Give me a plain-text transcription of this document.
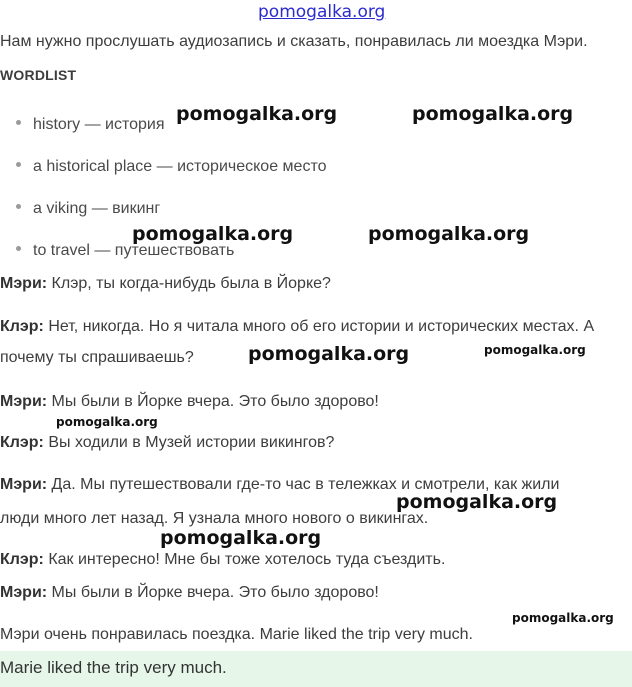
pomogalka.org
Нам нужно прослушать аудиозапись и сказать, понравилась ли моездка Мэри.
WORDLIST
history — история
a historical place — историческое место
a viking — викинг
to travel — путешествовать
Мэри: Клэр, ты когда-нибудь была в Йорке?
Клэр: Нет, никогда. Но я читала много об его истории и исторических местах. А
почему ты спрашиваешь?
Мэри: Мы были в Йорке вчера. Это было здорово!
Клэр: Вы ходили в Музей истории викингов?
Мэри: Да. Мы путешествовали где-то час в тележках и смотрели, как жили
люди много лет назад. Я узнала много нового о викингах.
Клэр: Как интересно! Мне бы тоже хотелось туда съездить.
Мэри: Мы были в Йорке вчера. Это было здорово!
Мэри очень понравилась поездка. Marie liked the trip very much.
Marie liked the trip very much.
pomogalka.org	pomogalka.org
pomogalka.org	pomogalka.org
pomogalka.org	pomogalka.org
pomogalka.org
pomogalka.org
pomogalka.org
pomogalka.org
